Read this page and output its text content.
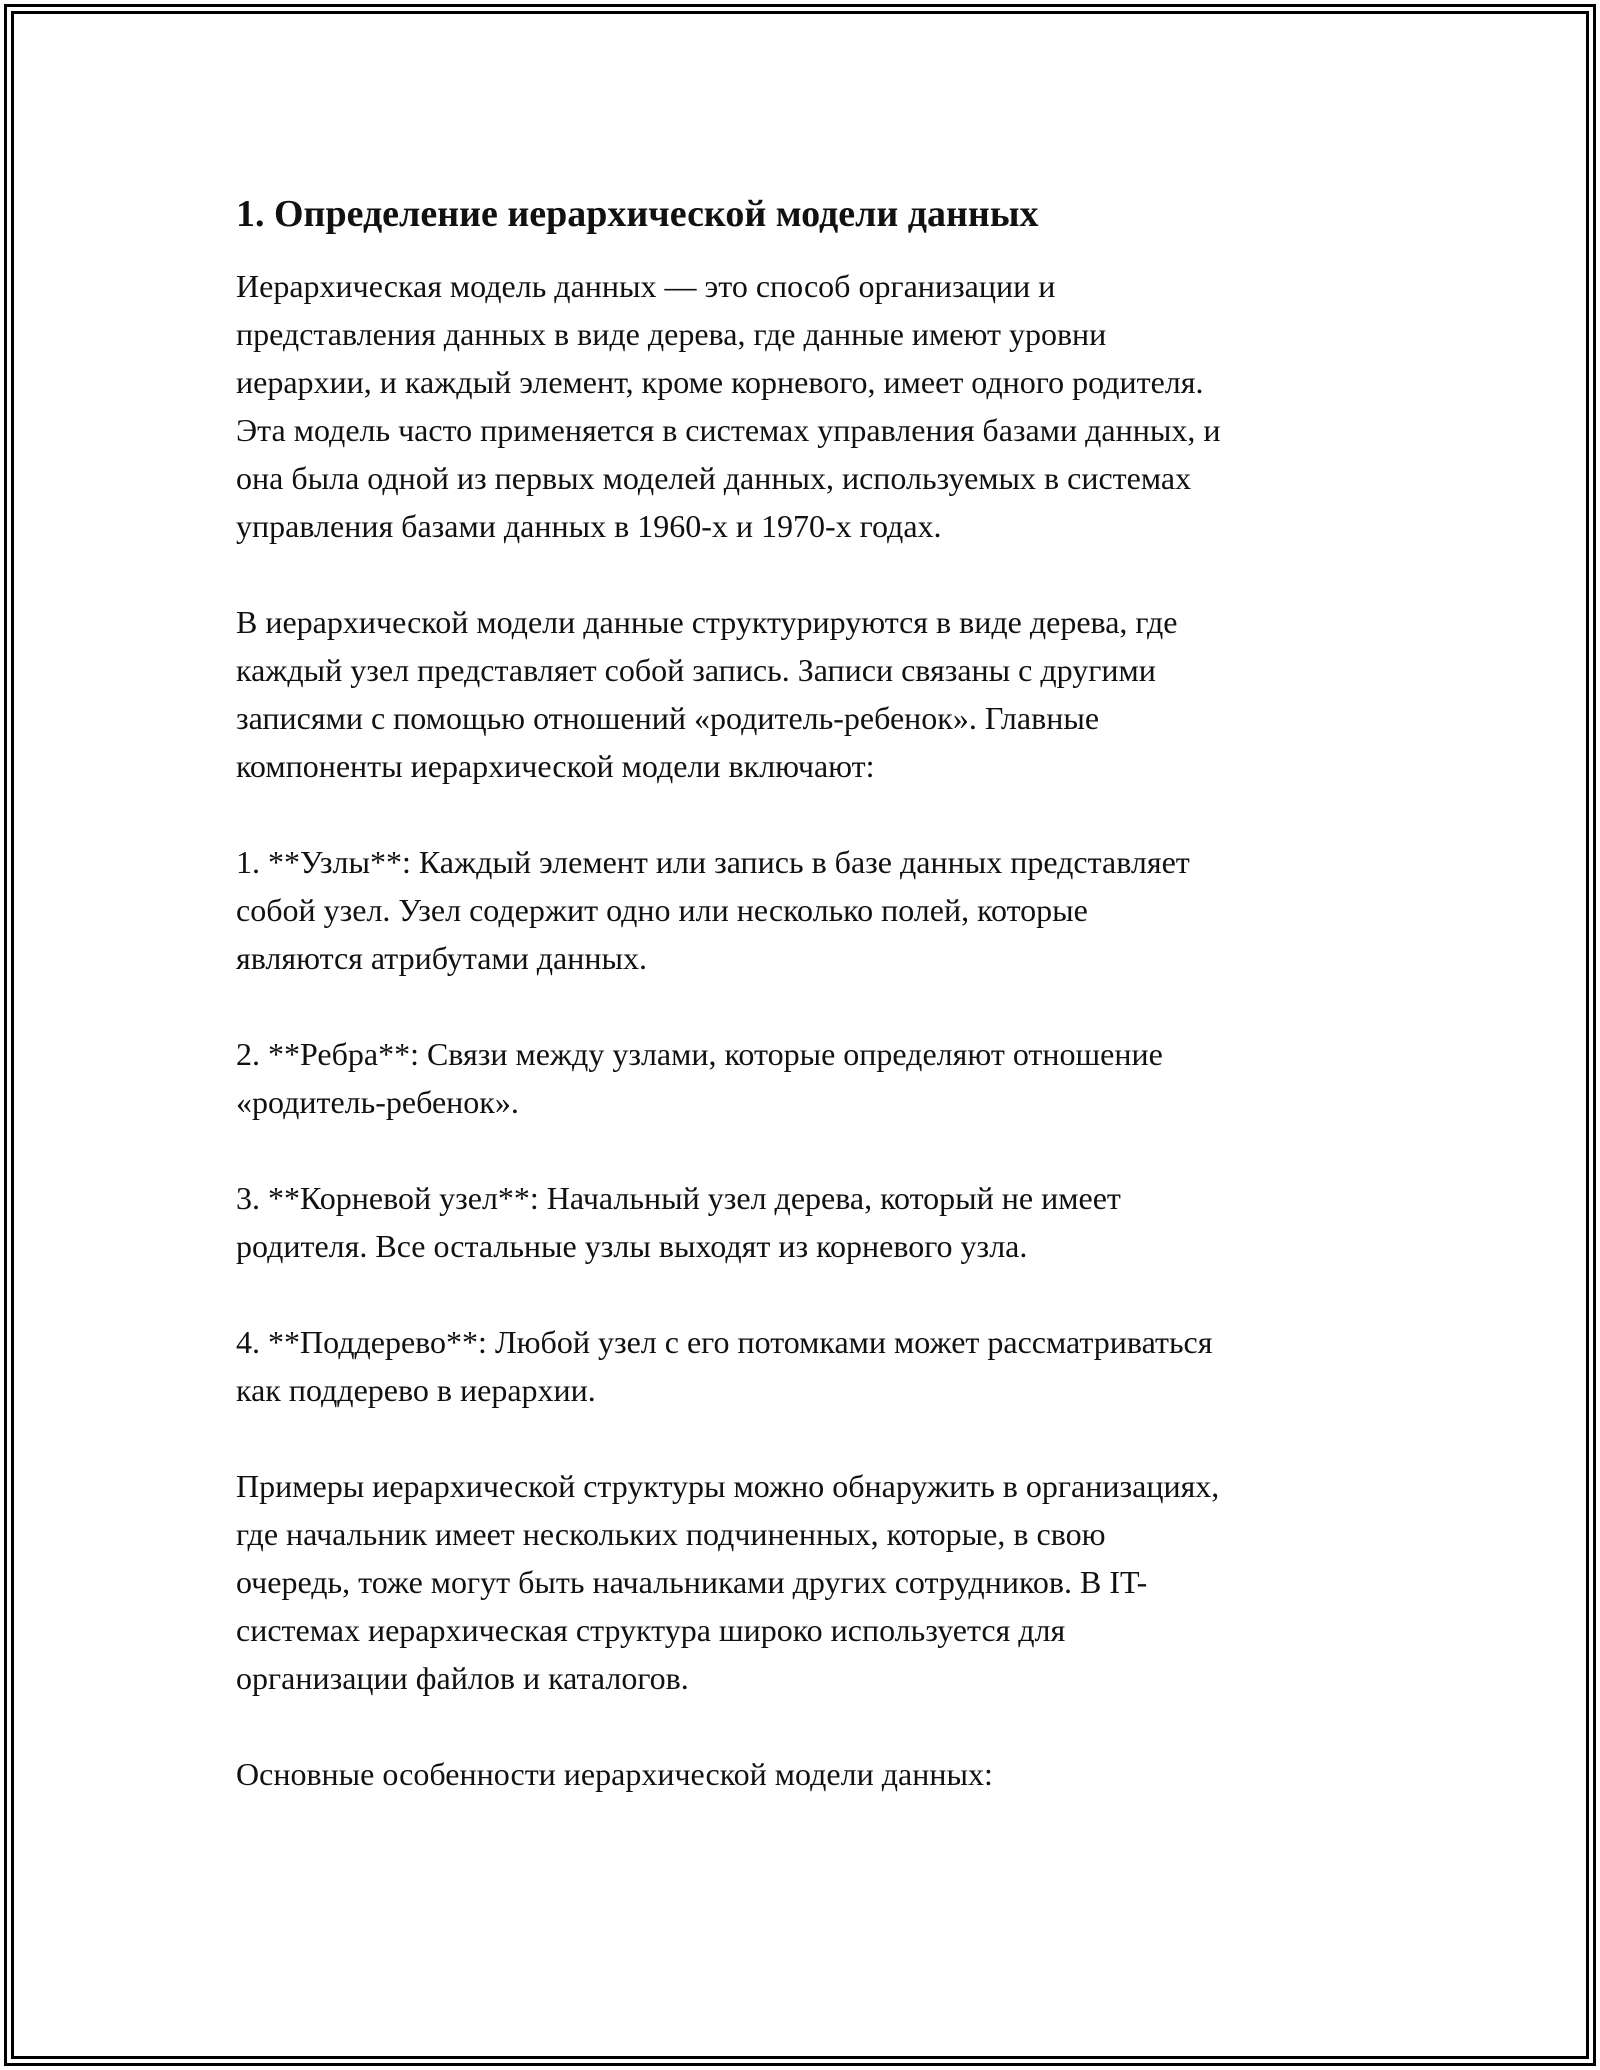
1. Определение иерархической модели данных
Иерархическая модель данных — это способ организации и
представления данных в виде дерева, где данные имеют уровни
иерархии, и каждый элемент, кроме корневого, имеет одного родителя.
Эта модель часто применяется в системах управления базами данных, и
она была одной из первых моделей данных, используемых в системах
управления базами данных в 1960-х и 1970-х годах.
В иерархической модели данные структурируются в виде дерева, где
каждый узел представляет собой запись. Записи связаны с другими
записями с помощью отношений «родитель-ребенок». Главные
компоненты иерархической модели включают:
1. **Узлы**: Каждый элемент или запись в базе данных представляет
собой узел. Узел содержит одно или несколько полей, которые
являются атрибутами данных.
2. **Ребра**: Связи между узлами, которые определяют отношение
«родитель-ребенок».
3. **Корневой узел**: Начальный узел дерева, который не имеет
родителя. Все остальные узлы выходят из корневого узла.
4. **Поддерево**: Любой узел с его потомками может рассматриваться
как поддерево в иерархии.
Примеры иерархической структуры можно обнаружить в организациях,
где начальник имеет нескольких подчиненных, которые, в свою
очередь, тоже могут быть начальниками других сотрудников. В IT-
системах иерархическая структура широко используется для
организации файлов и каталогов.
Основные особенности иерархической модели данных:
